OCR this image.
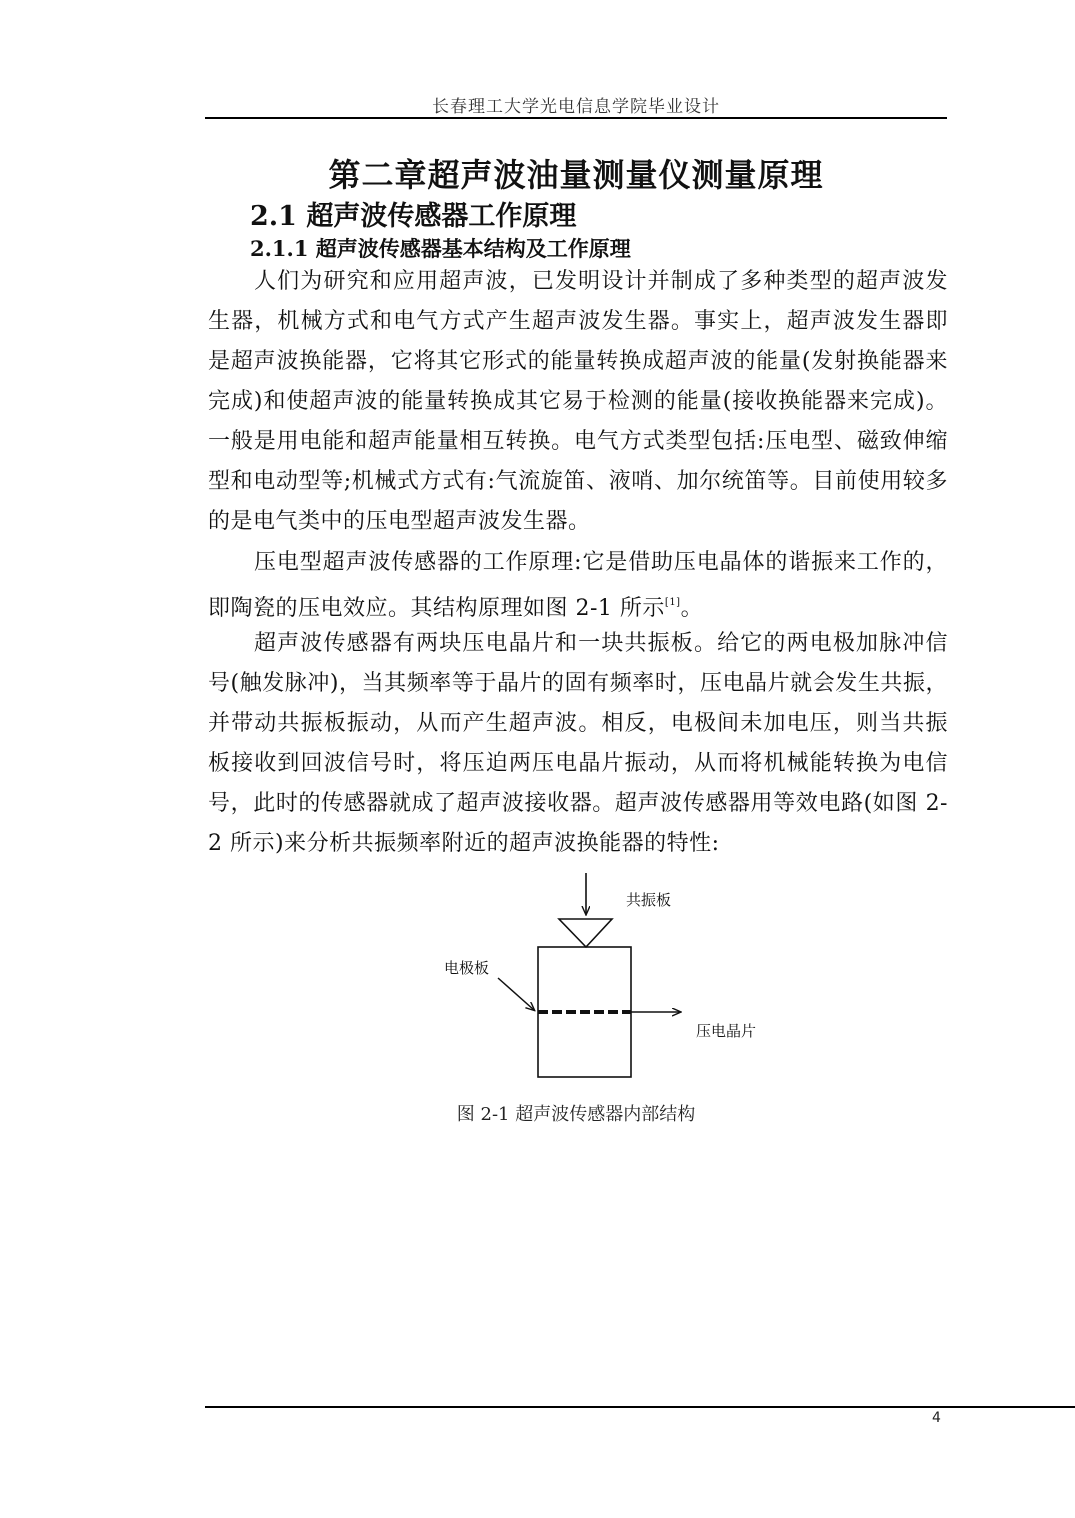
长春理工大学光电信息学院毕业设计
第二章超声波油量测量仪测量原理
2.1 超声波传感器工作原理
2.1.1 超声波传感器基本结构及工作原理

人们为研究和应用超声波，已发明设计并制成了多种类型的超声波发生器，机械方式和电气方式产生超声波发生器。事实上，超声波发生器即是超声波换能器，它将其它形式的能量转换成超声波的能量(发射换能器来完成)和使超声波的能量转换成其它易于检测的能量(接收换能器来完成)。一般是用电能和超声能量相互转换。电气方式类型包括:压电型、磁致伸缩型和电动型等;机械式方式有:气流旋笛、液哨、加尔统笛等。目前使用较多的是电气类中的压电型超声波发生器。

压电型超声波传感器的工作原理:它是借助压电晶体的谐振来工作的，即陶瓷的压电效应。其结构原理如图 2-1 所示[1]。

超声波传感器有两块压电晶片和一块共振板。给它的两电极加脉冲信号(触发脉冲)，当其频率等于晶片的固有频率时，压电晶片就会发生共振，并带动共振板振动，从而产生超声波。相反，电极间未加电压，则当共振板接收到回波信号时，将压迫两压电晶片振动，从而将机械能转换为电信号，此时的传感器就成了超声波接收器。超声波传感器用等效电路(如图 2-2 所示)来分析共振频率附近的超声波换能器的特性:

共振板
电极板
压电晶片
图 2-1 超声波传感器内部结构
4
